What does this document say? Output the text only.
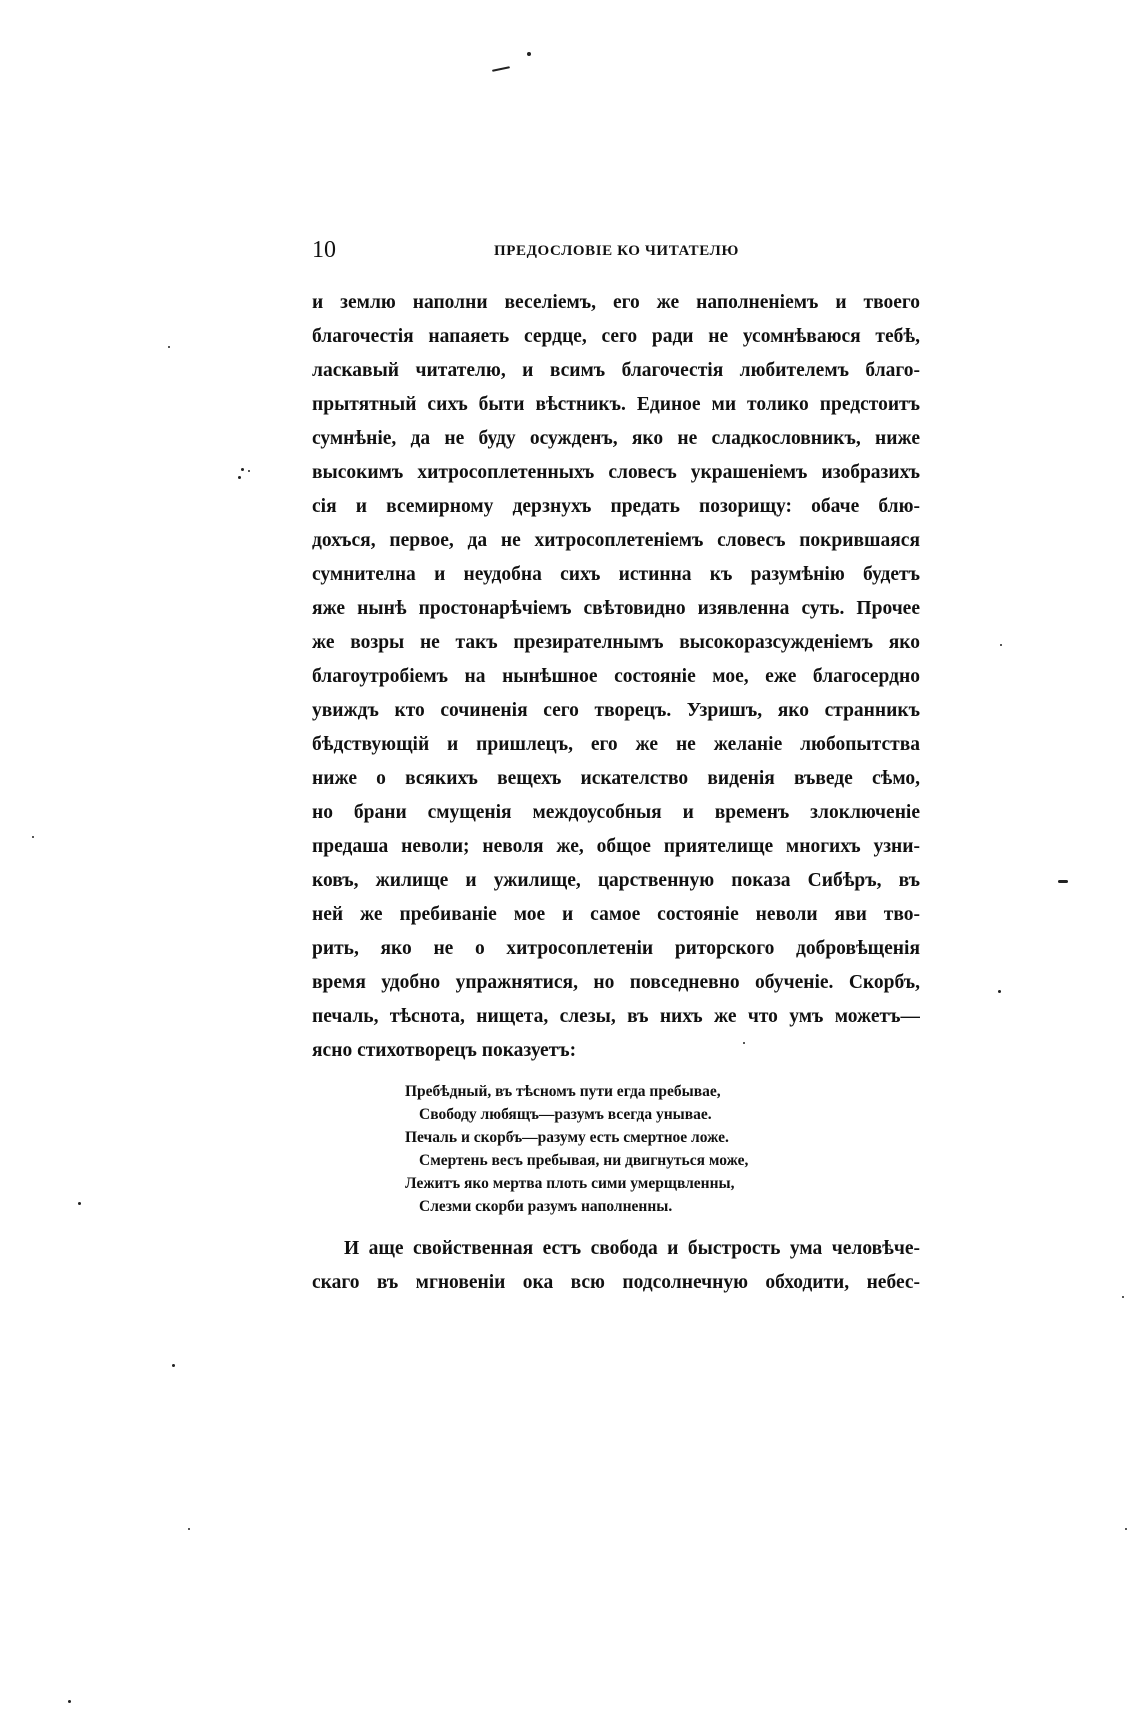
10	ПРЕДОСЛОВІЕ КО ЧИТАТЕЛЮ
и землю наполни веселіемъ, его же наполненіемъ и твоего
благочестія напаяеть сердце, сего ради не усомнѣваюся тебѣ,
ласкавый читателю, и всимъ благочестія любителемъ благо-
прытятный сихъ быти вѣстникъ. Единое ми толико предстоитъ
сумнѣніе, да не буду осужденъ, яко не сладкословникъ, ниже
высокимъ хитросоплетенныхъ словесъ украшеніемъ изобразихъ
сія и всемирному дерзнухъ предать позорищу: обаче блю-
дохъся, первое, да не хитросоплетеніемъ словесъ покрившаяся
сумнителна и неудобна сихъ истинна къ разумѣнію будетъ
яже нынѣ простонарѣчіемъ свѣтовидно изявленна суть. Прочее
же возры не такъ презирателнымъ высокоразсужденіемъ яко
благоутробіемъ на нынѣшное состояніе мое, еже благосердно
увиждъ кто сочиненія сего творецъ. Узришъ, яко странникъ
бѣдствующій и пришлецъ, его же не желаніе любопытства
ниже о всякихъ вещехъ искателство виденія въведе сѣмо,
но брани смущенія междоусобныя и временъ злоключеніе
предаша неволи; неволя же, общое приятелище многихъ узни-
ковъ, жилище и ужилище, царственную показа Сибѣръ, въ
ней же пребиваніе мое и самое состояніе неволи яви тво-
рить, яко не о хитросоплетеніи риторского добровѣщенія
время удобно упражнятися, но повседневно обученіе. Скорбъ,
печаль, тѣснота, нищета, слезы, въ нихъ же что умъ можетъ—
ясно стихотворецъ показуетъ:
Пребѣдный, въ тѣсномъ пути егда пребывае,
Свободу любящъ—разумъ всегда унывае.
Печаль и скорбъ—разуму есть смертное ложе.
Смертень весъ пребывая, ни двигнуться може,
Лежитъ яко мертва плоть сими умерщвленны,
Слезми скорби разумъ наполненны.
И аще свойственная естъ свобода и быстрость ума человѣче-
скаго въ мгновеніи ока всю подсолнечную обходити, небес-
